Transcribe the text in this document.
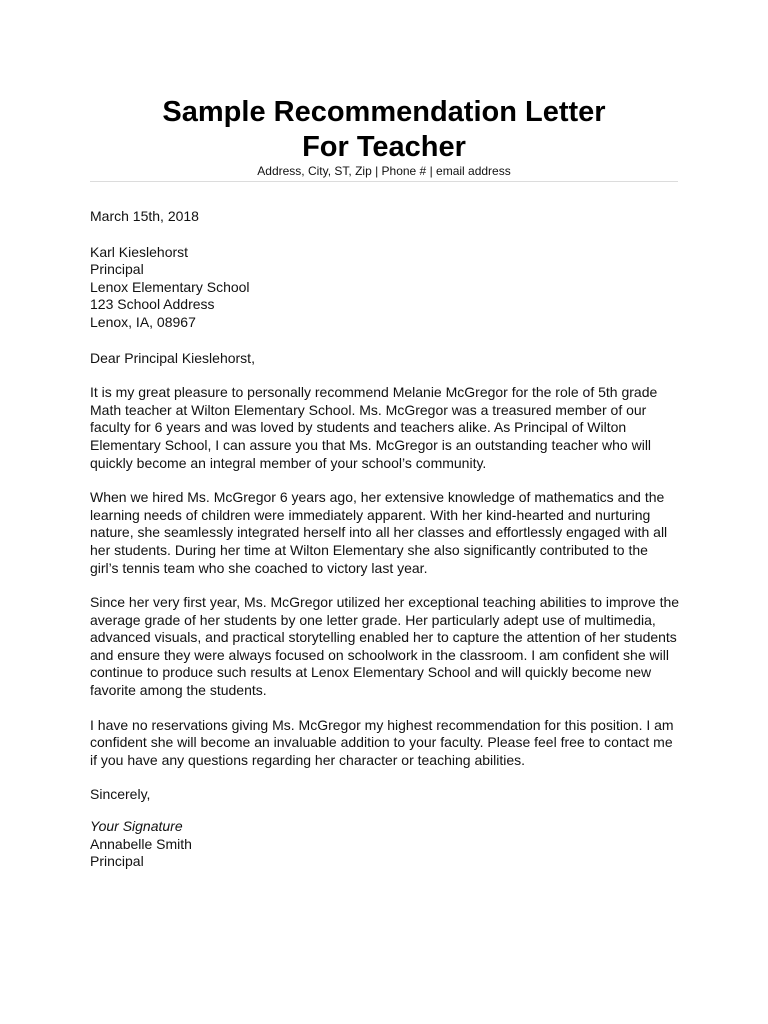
Sample Recommendation Letter
For Teacher
Address, City, ST, Zip | Phone # | email address

March 15th, 2018

Karl Kieslehorst
Principal
Lenox Elementary School
123 School Address
Lenox, IA, 08967

Dear Principal Kieslehorst,

It is my great pleasure to personally recommend Melanie McGregor for the role of 5th grade Math teacher at Wilton Elementary School. Ms. McGregor was a treasured member of our faculty for 6 years and was loved by students and teachers alike. As Principal of Wilton Elementary School, I can assure you that Ms. McGregor is an outstanding teacher who will quickly become an integral member of your school’s community.

When we hired Ms. McGregor 6 years ago, her extensive knowledge of mathematics and the learning needs of children were immediately apparent. With her kind-hearted and nurturing nature, she seamlessly integrated herself into all her classes and effortlessly engaged with all her students. During her time at Wilton Elementary she also significantly contributed to the girl’s tennis team who she coached to victory last year.

Since her very first year, Ms. McGregor utilized her exceptional teaching abilities to improve the average grade of her students by one letter grade. Her particularly adept use of multimedia, advanced visuals, and practical storytelling enabled her to capture the attention of her students and ensure they were always focused on schoolwork in the classroom. I am confident she will continue to produce such results at Lenox Elementary School and will quickly become new favorite among the students.

I have no reservations giving Ms. McGregor my highest recommendation for this position. I am confident she will become an invaluable addition to your faculty. Please feel free to contact me if you have any questions regarding her character or teaching abilities.

Sincerely,

Your Signature
Annabelle Smith
Principal
